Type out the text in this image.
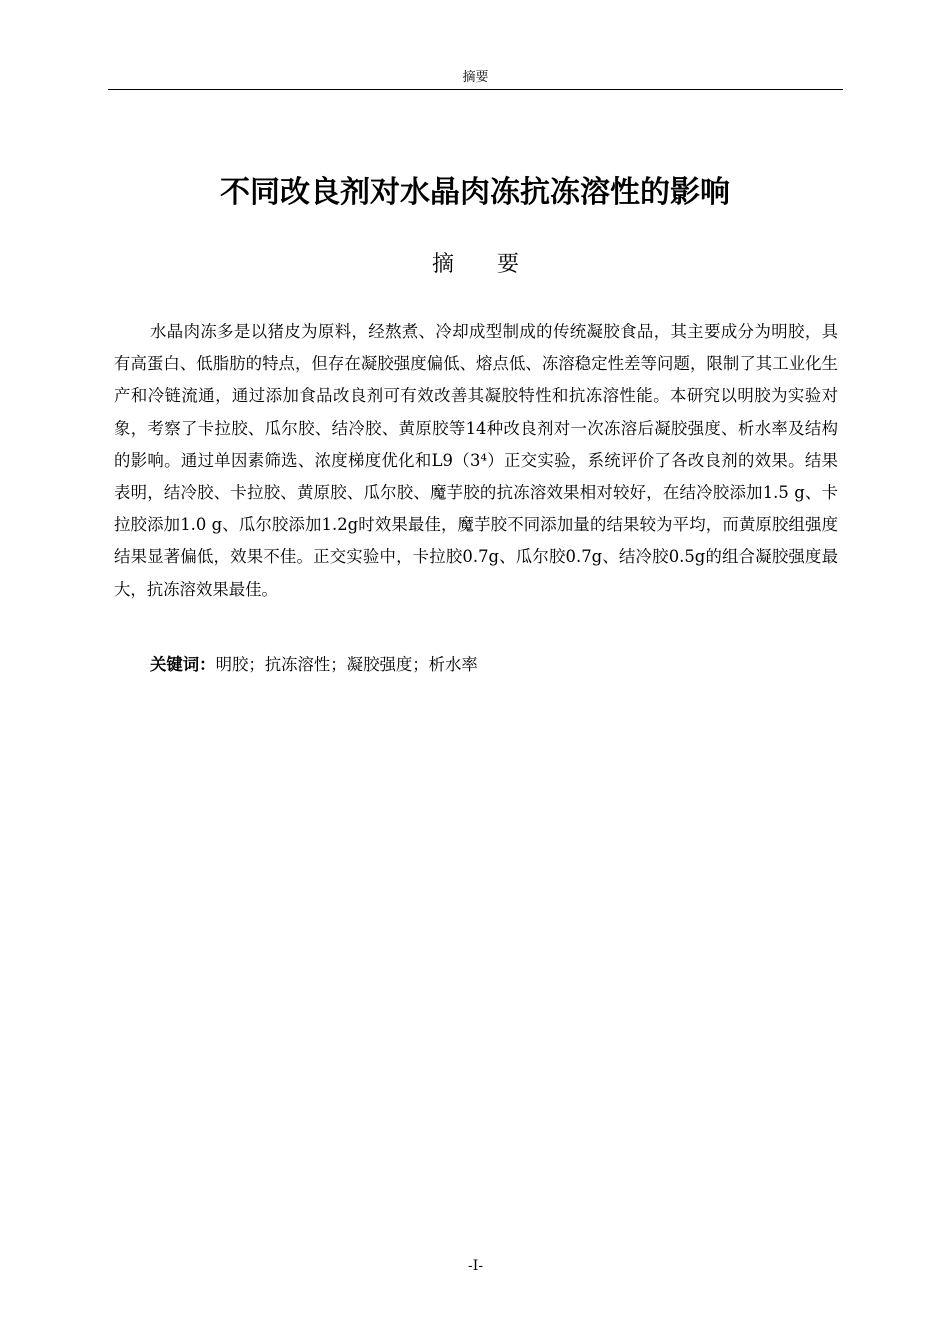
摘要
不同改良剂对水晶肉冻抗冻溶性的影响
摘 要

水晶肉冻多是以猪皮为原料，经熬煮、冷却成型制成的传统凝胶食品，其主要成分为明胶，具有高蛋白、低脂肪的特点，但存在凝胶强度偏低、熔点低、冻溶稳定性差等问题，限制了其工业化生产和冷链流通，通过添加食品改良剂可有效改善其凝胶特性和抗冻溶性能。本研究以明胶为实验对象，考察了卡拉胶、瓜尔胶、结冷胶、黄原胶等14种改良剂对一次冻溶后凝胶强度、析水率及结构的影响。通过单因素筛选、浓度梯度优化和L9（3⁴）正交实验，系统评价了各改良剂的效果。结果表明，结冷胶、卡拉胶、黄原胶、瓜尔胶、魔芋胶的抗冻溶效果相对较好，在结冷胶添加1.5 g、卡拉胶添加1.0 g、瓜尔胶添加1.2g时效果最佳，魔芋胶不同添加量的结果较为平均，而黄原胶组强度结果显著偏低，效果不佳。正交实验中，卡拉胶0.7g、瓜尔胶0.7g、结冷胶0.5g的组合凝胶强度最大，抗冻溶效果最佳。

关键词：明胶；抗冻溶性；凝胶强度；析水率
-I-
